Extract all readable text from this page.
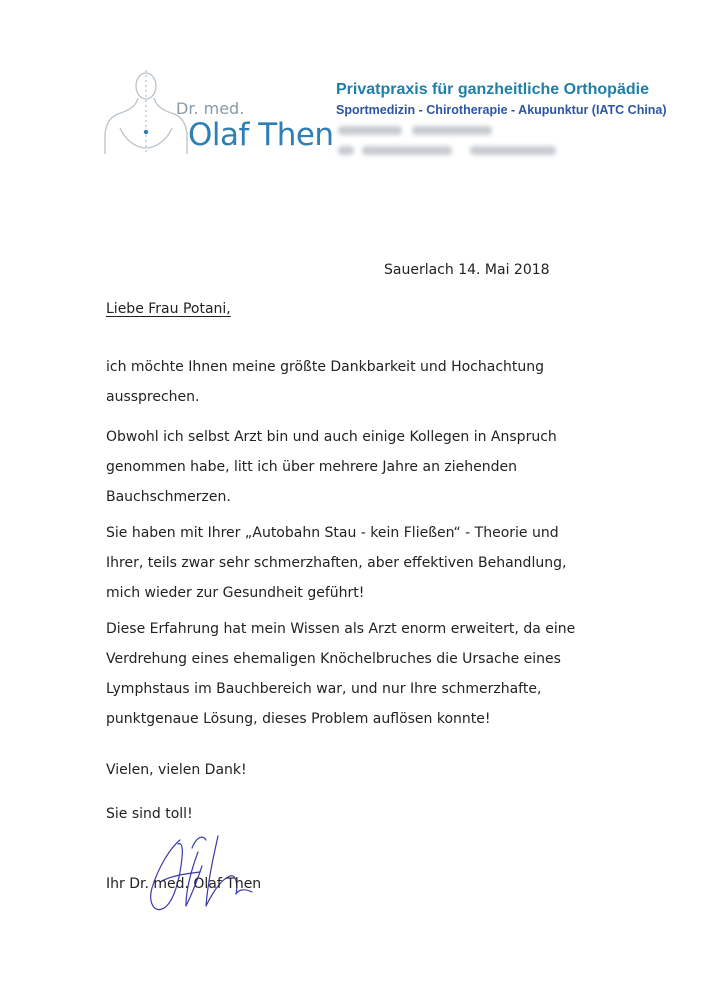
Dr. med.
Olaf Then
Privatpraxis für ganzheitliche Orthopädie
Sportmedizin - Chirotherapie - Akupunktur (IATC China)
Sauerlach 14. Mai 2018
Liebe Frau Potani,
ich möchte Ihnen meine größte Dankbarkeit und Hochachtung
aussprechen.
Obwohl ich selbst Arzt bin und auch einige Kollegen in Anspruch
genommen habe, litt ich über mehrere Jahre an ziehenden
Bauchschmerzen.
Sie haben mit Ihrer „Autobahn Stau - kein Fließen“ - Theorie und
Ihrer, teils zwar sehr schmerzhaften, aber effektiven Behandlung,
mich wieder zur Gesundheit geführt!
Diese Erfahrung hat mein Wissen als Arzt enorm erweitert, da eine
Verdrehung eines ehemaligen Knöchelbruches die Ursache eines
Lymphstaus im Bauchbereich war, und nur Ihre schmerzhafte,
punktgenaue Lösung, dieses Problem auflösen konnte!
Vielen, vielen Dank!
Sie sind toll!
Ihr Dr. med. Olaf Then
